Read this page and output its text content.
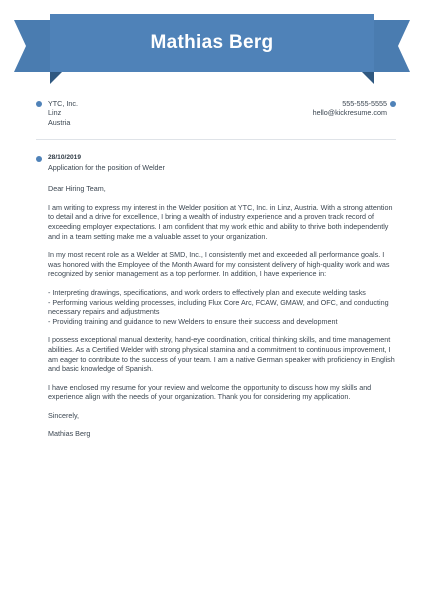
Mathias Berg
YTC, Inc.
Linz
Austria
555-555-5555
hello@kickresume.com
28/10/2019
Application for the position of Welder

Dear Hiring Team,

I am writing to express my interest in the Welder position at YTC, Inc. in Linz, Austria. With a strong attention to detail and a drive for excellence, I bring a wealth of industry experience and a proven track record of exceeding employer expectations. I am confident that my work ethic and ability to thrive both independently and in a team setting make me a valuable asset to your organization.

In my most recent role as a Welder at SMD, Inc., I consistently met and exceeded all performance goals. I was honored with the Employee of the Month Award for my consistent delivery of high-quality work and was recognized by senior management as a top performer. In addition, I have experience in:

- Interpreting drawings, specifications, and work orders to effectively plan and execute welding tasks
- Performing various welding processes, including Flux Core Arc, FCAW, GMAW, and OFC, and conducting necessary repairs and adjustments
- Providing training and guidance to new Welders to ensure their success and development

I possess exceptional manual dexterity, hand-eye coordination, critical thinking skills, and time management abilities. As a Certified Welder with strong physical stamina and a commitment to continuous improvement, I am eager to contribute to the success of your team. I am a native German speaker with proficiency in English and basic knowledge of Spanish.

I have enclosed my resume for your review and welcome the opportunity to discuss how my skills and experience align with the needs of your organization. Thank you for considering my application.

Sincerely,
Mathias Berg
